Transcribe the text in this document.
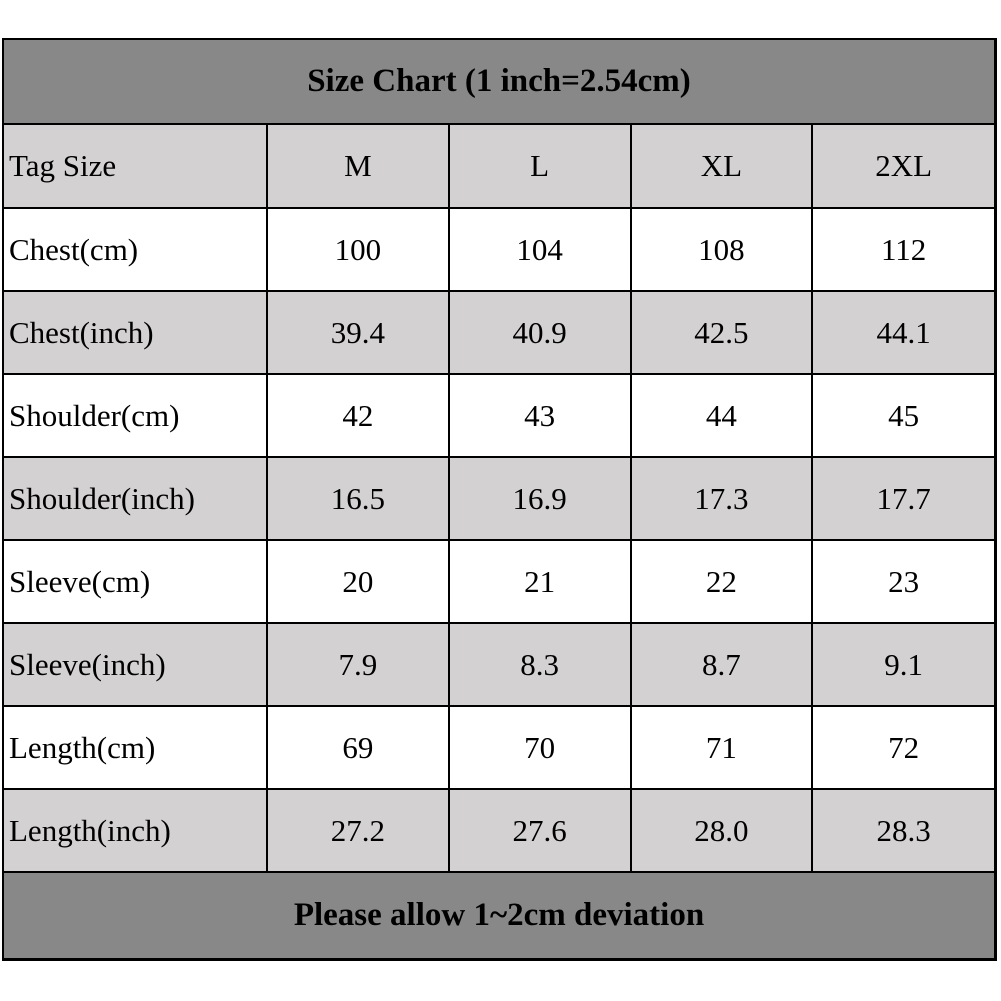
Size Chart (1 inch=2.54cm)
Tag Size	M	L	XL	2XL
Chest(cm)	100	104	108	112
Chest(inch)	39.4	40.9	42.5	44.1
Shoulder(cm)	42	43	44	45
Shoulder(inch)	16.5	16.9	17.3	17.7
Sleeve(cm)	20	21	22	23
Sleeve(inch)	7.9	8.3	8.7	9.1
Length(cm)	69	70	71	72
Length(inch)	27.2	27.6	28.0	28.3
Please allow 1~2cm deviation
